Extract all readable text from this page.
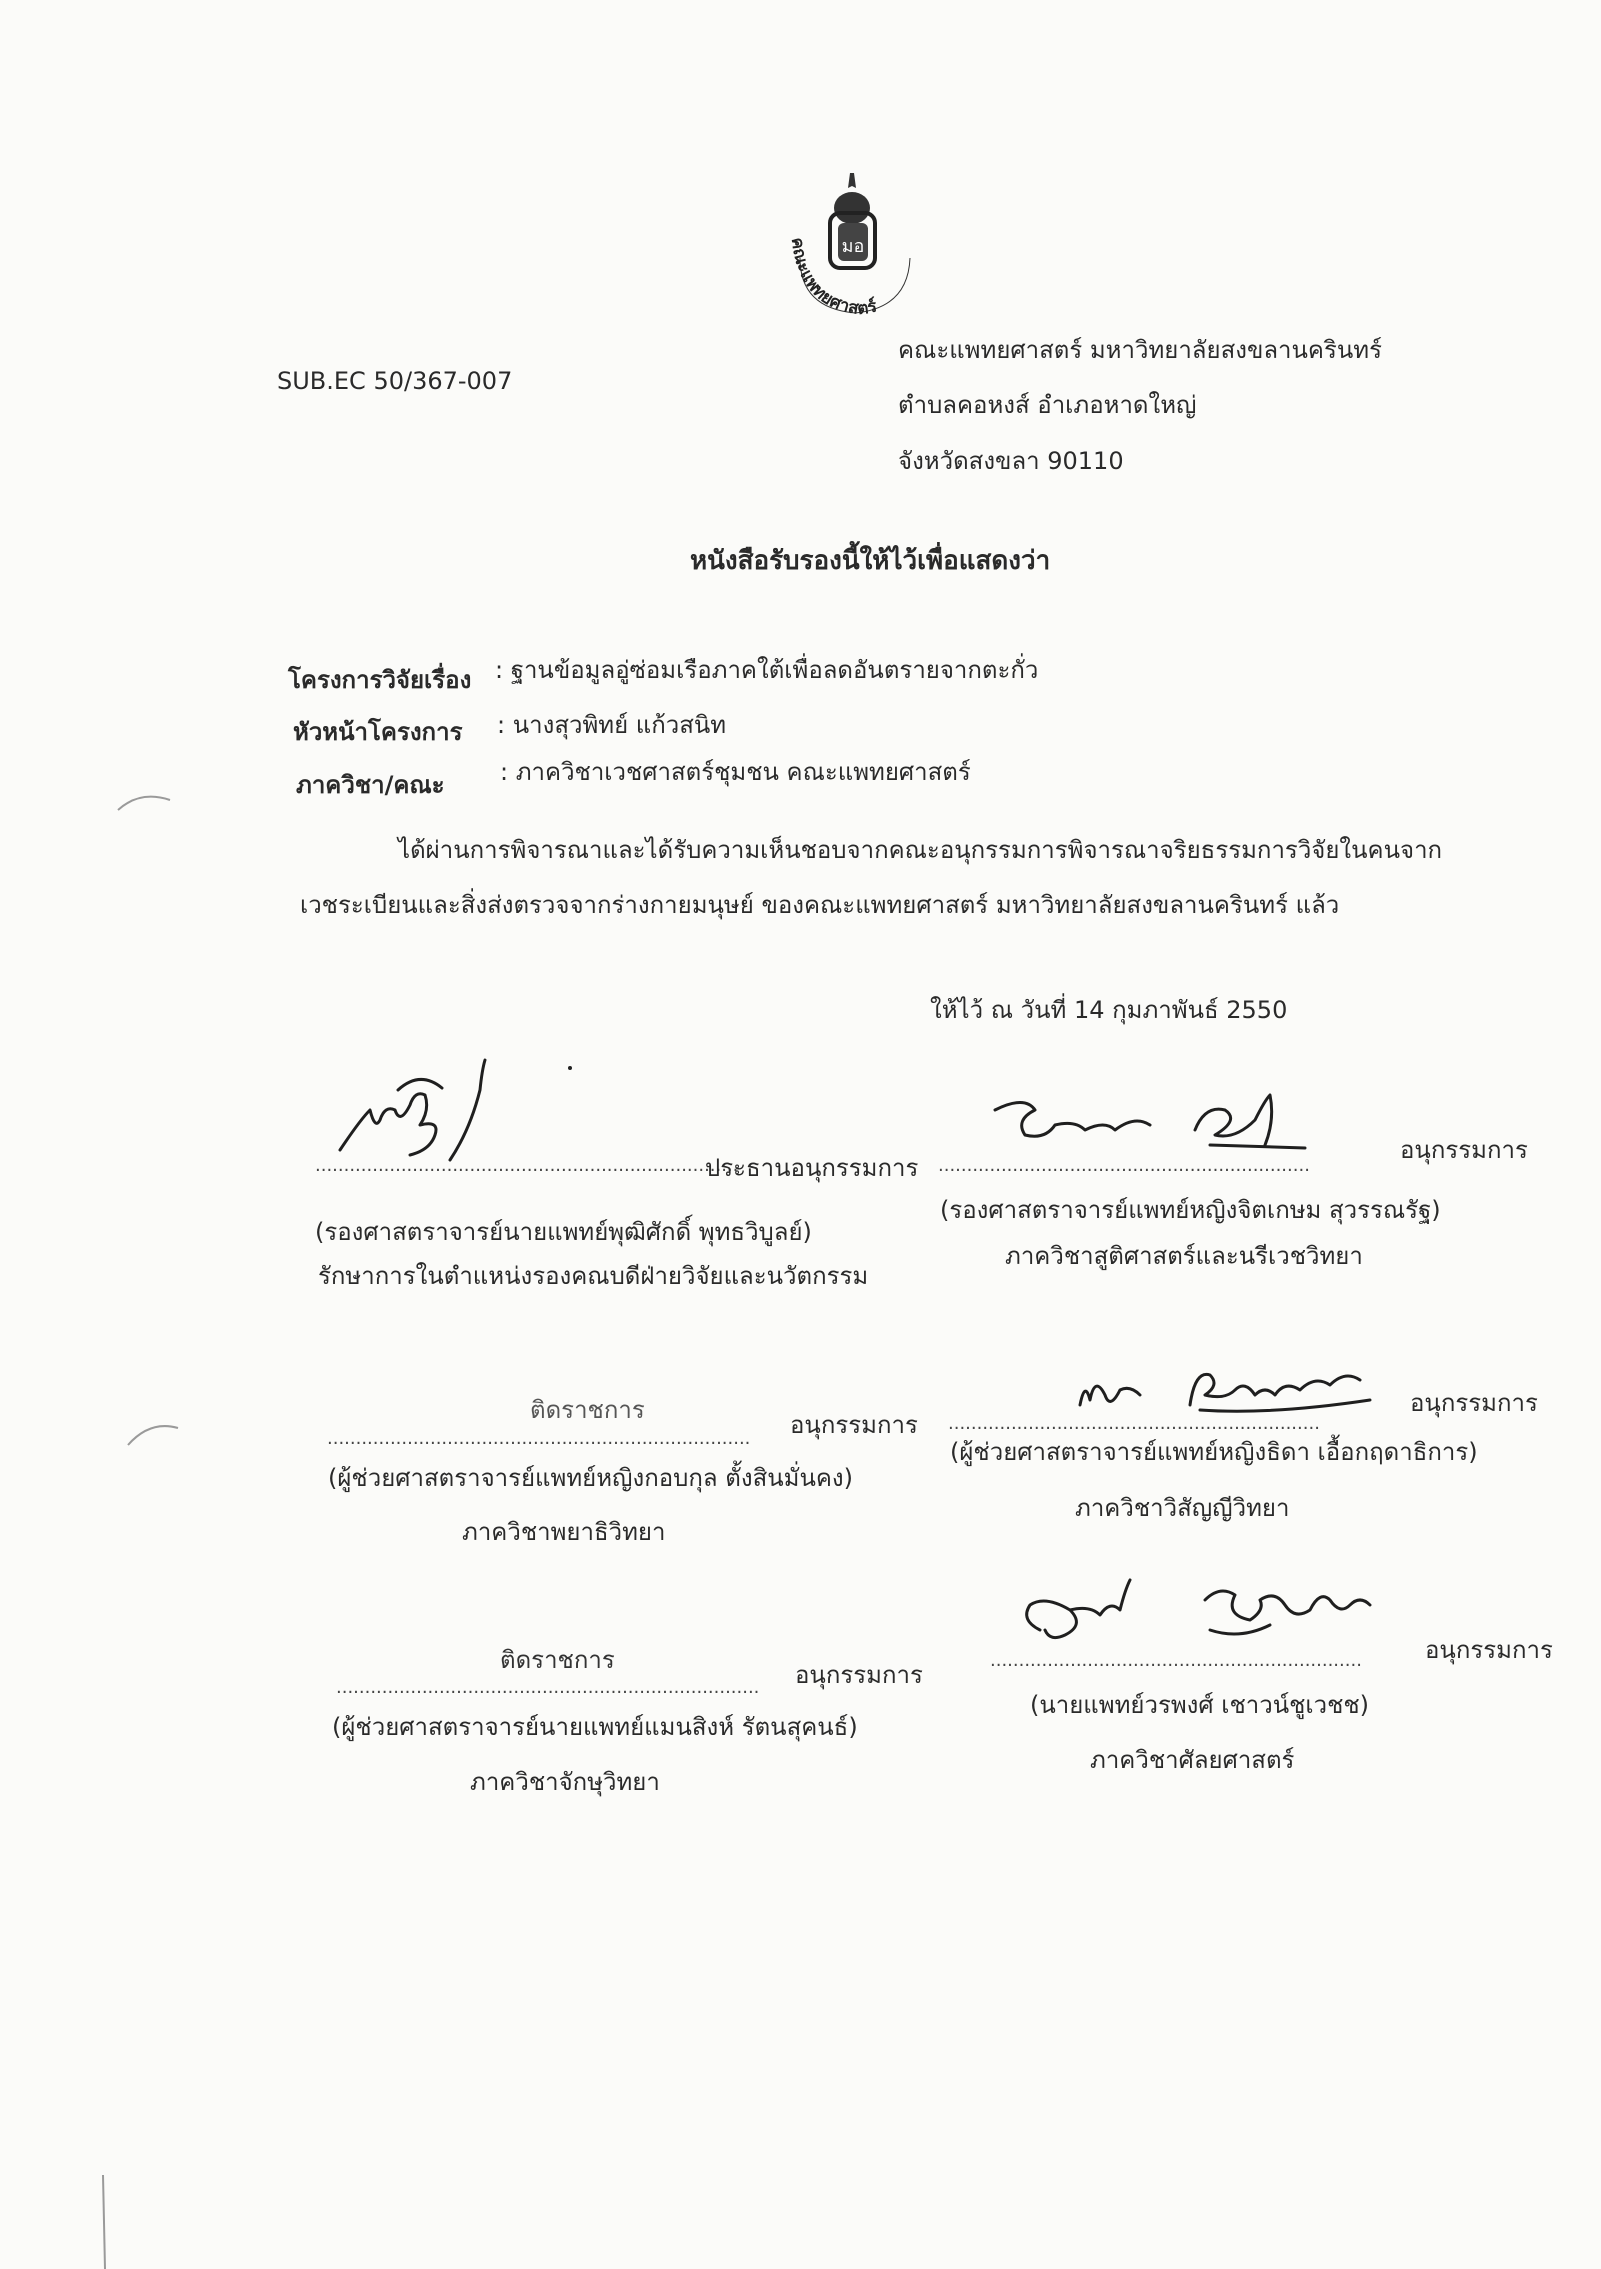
มอ
คณะแพทยศาสตร์
SUB.EC 50/367-007
คณะแพทยศาสตร์ มหาวิทยาลัยสงขลานครินทร์
ตำบลคอหงส์ อำเภอหาดใหญ่
จังหวัดสงขลา 90110
หนังสือรับรองนี้ให้ไว้เพื่อแสดงว่า
โครงการวิจัยเรื่อง : ฐานข้อมูลอู่ซ่อมเรือภาคใต้เพื่อลดอันตรายจากตะกั่ว
หัวหน้าโครงการ : นางสุวพิทย์ แก้วสนิท
ภาควิชา/คณะ : ภาควิชาเวชศาสตร์ชุมชน คณะแพทยศาสตร์
ได้ผ่านการพิจารณาและได้รับความเห็นชอบจากคณะอนุกรรมการพิจารณาจริยธรรมการวิจัยในคนจาก
เวชระเบียนและสิ่งส่งตรวจจากร่างกายมนุษย์ ของคณะแพทยศาสตร์ มหาวิทยาลัยสงขลานครินทร์ แล้ว
ให้ไว้ ณ วันที่ 14 กุมภาพันธ์ 2550
..........................................................................
ประธานอนุกรรมการ
(รองศาสตราจารย์นายแพทย์พุฒิศักดิ์ พุทธวิบูลย์)
รักษาการในตำแหน่งรองคณบดีฝ่ายวิจัยและนวัตกรรม
.................................................................
อนุกรรมการ
(รองศาสตราจารย์แพทย์หญิงจิตเกษม สุวรรณรัฐ)
ภาควิชาสูติศาสตร์และนรีเวชวิทยา
ติดราชการ
.......................................................................... อนุกรรมการ
(ผู้ช่วยศาสตราจารย์แพทย์หญิงกอบกุล ตั้งสินมั่นคง)
ภาควิชาพยาธิวิทยา
.................................................................
อนุกรรมการ
(ผู้ช่วยศาสตราจารย์แพทย์หญิงธิดา เอื้อกฤดาธิการ)
ภาควิชาวิสัญญีวิทยา
ติดราชการ
.......................................................................... อนุกรรมการ
(ผู้ช่วยศาสตราจารย์นายแพทย์แมนสิงห์ รัตนสุคนธ์)
ภาควิชาจักษุวิทยา
.................................................................	อนุกรรมการ
(นายแพทย์วรพงศ์ เชาวน์ชูเวชช)
ภาควิชาศัลยศาสตร์
